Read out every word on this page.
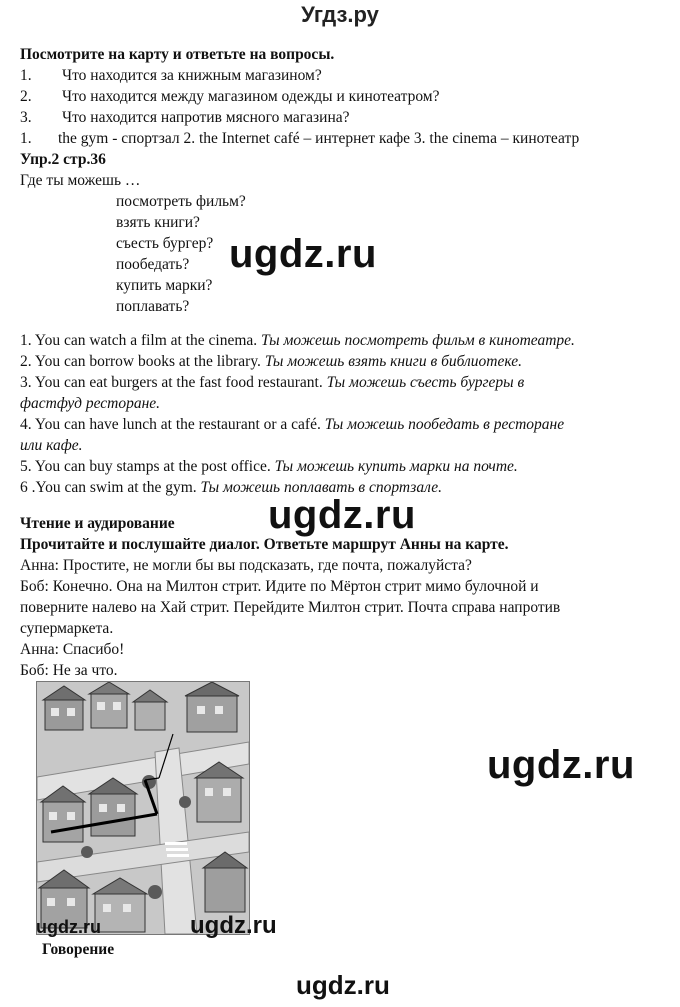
Угдз.ру
Посмотрите на карту и ответьте на вопросы.
1. Что находится за книжным магазином?
2. Что находится между магазином одежды и кинотеатром?
3. Что находится напротив мясного магазина?
1. the gym - спортзал 2. the Internet café – интернет кафе 3. the cinema – кинотеатр
Упр.2 стр.36
Где ты можешь …
посмотреть фильм?
взять книги?
съесть бургер?
пообедать?
купить марки?
поплавать?
ugdz.ru
1. You can watch a film at the cinema. Ты можешь посмотреть фильм в кинотеатре.
2. You can borrow books at the library. Ты можешь взять книги в библиотеке.
3. You can eat burgers at the fast food restaurant. Ты можешь съесть бургеры в
фастфуд ресторане.
4. You can have lunch at the restaurant or a café. Ты можешь пообедать в ресторане
или кафе.
5. You can buy stamps at the post office. Ты можешь купить марки на почте.
6 .You can swim at the gym. Ты можешь поплавать в спортзале.
ugdz.ru
Чтение и аудирование
Прочитайте и послушайте диалог. Ответьте маршрут Анны на карте.
Анна: Простите, не могли бы вы подсказать, где почта, пожалуйста?
Боб: Конечно. Она на Милтон стрит. Идите по Мёртон стрит мимо булочной и
поверните налево на Хай стрит. Перейдите Милтон стрит. Почта справа напротив
супермаркета.
Анна: Спасибо!
Боб: Не за что.
ugdz.ru
ugdz.ru	ugdz.ru
Говорение
ugdz.ru
